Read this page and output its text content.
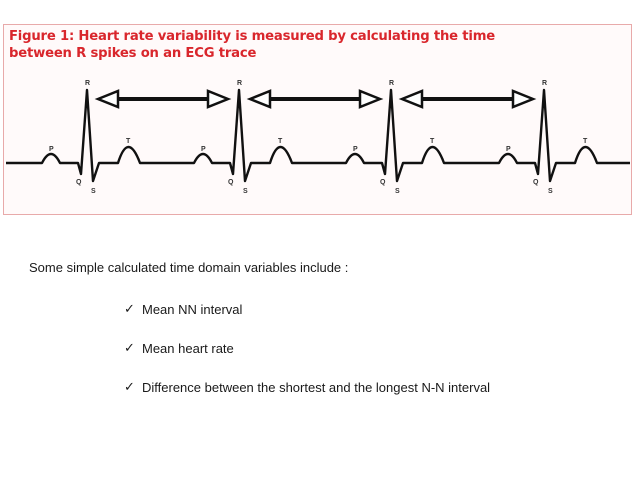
Figure 1: Heart rate variability is measured by calculating the time
between R spikes on an ECG trace
P
Q
R
S
T
P
Q
R
S
T
P
Q
R
S
T
P
Q
R
S
T
Some simple calculated time domain variables include :
✓ Mean NN interval
✓ Mean heart rate
✓ Difference between the shortest and the longest N-N interval
